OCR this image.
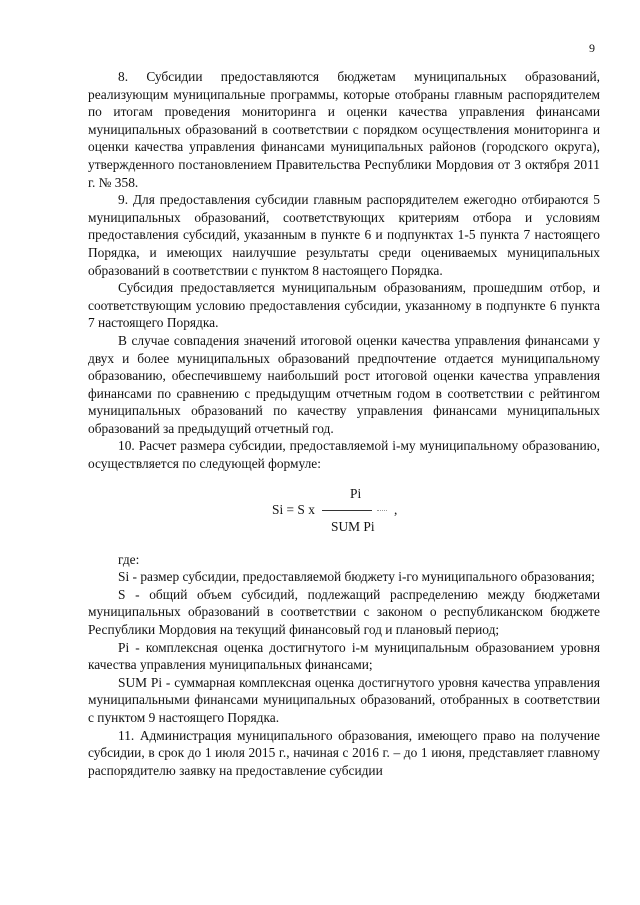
9

8. Субсидии предоставляются бюджетам муниципальных образований, реализующим муниципальные программы, которые отобраны главным распорядителем по итогам проведения мониторинга и оценки качества управления финансами муниципальных образований в соответствии с порядком осуществления мониторинга и оценки качества управления финансами муниципальных районов (городского округа), утвержденного постановлением Правительства Республики Мордовия от 3 октября 2011 г. № 358.

9. Для предоставления субсидии главным распорядителем ежегодно отбираются 5 муниципальных образований, соответствующих критериям отбора и условиям предоставления субсидий, указанным в пункте 6 и подпунктах 1-5 пункта 7 настоящего Порядка, и имеющих наилучшие результаты среди оцениваемых муниципальных образований в соответствии с пунктом 8 настоящего Порядка.

Субсидия предоставляется муниципальным образованиям, прошедшим отбор, и соответствующим условию предоставления субсидии, указанному в подпункте 6 пункта 7 настоящего Порядка.

В случае совпадения значений итоговой оценки качества управления финансами у двух и более муниципальных образований предпочтение отдается муниципальному образованию, обеспечившему наибольший рост итоговой оценки качества управления финансами по сравнению с предыдущим отчетным годом в соответствии с рейтингом муниципальных образований по качеству управления финансами муниципальных образований за предыдущий отчетный год.

10. Расчет размера субсидии, предоставляемой i-му муниципальному образованию, осуществляется по следующей формуле:

Pi
Si = S x	,
SUM Pi

где:

Si - размер субсидии, предоставляемой бюджету i-го муниципального образования;

S - общий объем субсидий, подлежащий распределению между бюджетами муниципальных образований в соответствии с законом о республиканском бюджете Республики Мордовия на текущий финансовый год и плановый период;

Pi - комплексная оценка достигнутого i-м муниципальным образованием уровня качества управления муниципальных финансами;

SUM Pi - суммарная комплексная оценка достигнутого уровня качества управления муниципальными финансами муниципальных образований, отобранных в соответствии с пунктом 9 настоящего Порядка.

11. Администрация муниципального образования, имеющего право на получение субсидии, в срок до 1 июля 2015 г., начиная с 2016 г. – до 1 июня, представляет главному распорядителю заявку на предоставление субсидии
